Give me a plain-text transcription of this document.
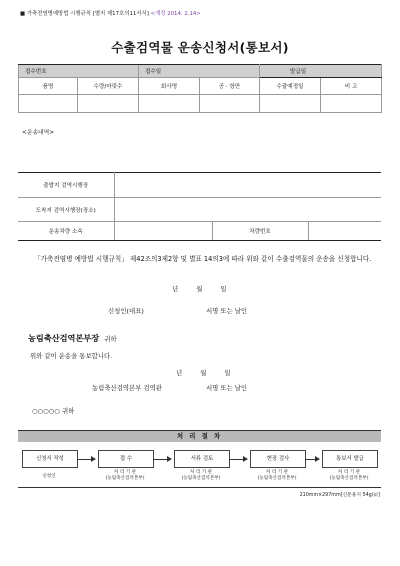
■ 가축전염병예방법 시행규칙 [별지 제17호의11서식] <개정 2014. 2.14>
수출검역물 운송신청서(통보서)
접수번호		접수일		발급일	
품명	수량/마릿수	회사명	공 · 항만	수출예정일	비 고

<운송내역>
출발지 검역시행장			
도착지 검역시행장(장소)			
운송차량 소속		차량번호	
「가축전염병 예방법 시행규칙」 제42조의3제2항 및 별표 14의3에 따라 위와 같이 수출검역물의 운송을 신청합니다.
년 월 일
신청인(대표)	서명 또는 날인
농림축산검역본부장 귀하
위와 같이 운송을 통보합니다.
년 월 일
농림축산검역본부 검역관	서명 또는 날인
○○○○○ 귀하
처 리 절 차
신청서 작성	접 수	서류 검토	현장 검사	통보서 발급
신청인
처 리 기 관
(농림축산검역본부)
처 리 기 관
(농림축산검역본부)
처 리 기 관
(농림축산검역본부)
처 리 기 관
(농림축산검역본부)
210mm×297mm[신문용지 54g/㎡]
